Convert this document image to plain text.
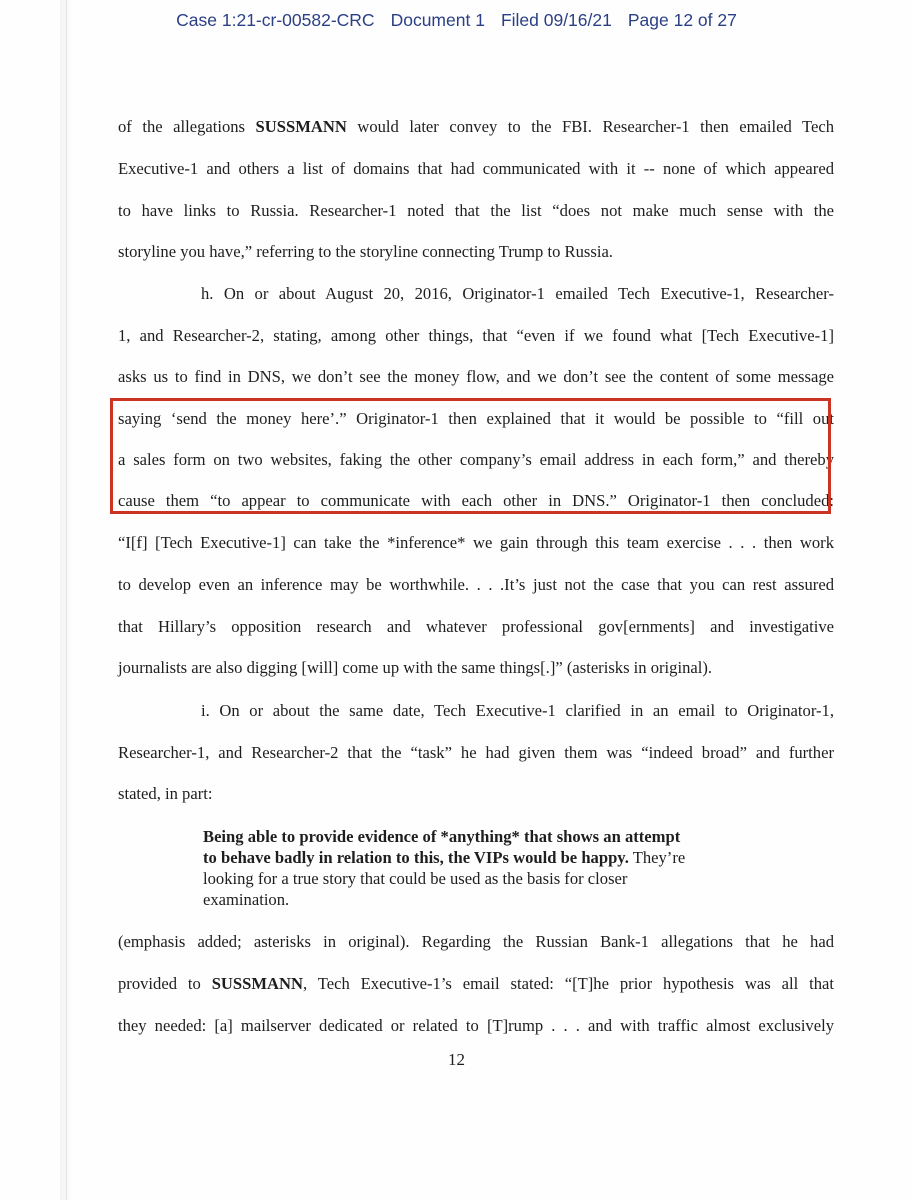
Case 1:21-cr-00582-CRC Document 1 Filed 09/16/21 Page 12 of 27
of the allegations SUSSMANN would later convey to the FBI. Researcher-1 then emailed Tech
Executive-1 and others a list of domains that had communicated with it -- none of which appeared
to have links to Russia. Researcher-1 noted that the list “does not make much sense with the
storyline you have,” referring to the storyline connecting Trump to Russia.
h. On or about August 20, 2016, Originator-1 emailed Tech Executive-1, Researcher-
1, and Researcher-2, stating, among other things, that “even if we found what [Tech Executive-1]
asks us to find in DNS, we don’t see the money flow, and we don’t see the content of some message
saying ‘send the money here’.” Originator-1 then explained that it would be possible to “fill out
a sales form on two websites, faking the other company’s email address in each form,” and thereby
cause them “to appear to communicate with each other in DNS.” Originator-1 then concluded:
“I[f] [Tech Executive-1] can take the *inference* we gain through this team exercise . . . then work
to develop even an inference may be worthwhile. . . .It’s just not the case that you can rest assured
that Hillary’s opposition research and whatever professional gov[ernments] and investigative
journalists are also digging [will] come up with the same things[.]” (asterisks in original).
i. On or about the same date, Tech Executive-1 clarified in an email to Originator-1,
Researcher-1, and Researcher-2 that the “task” he had given them was “indeed broad” and further
stated, in part:
Being able to provide evidence of *anything* that shows an attempt
to behave badly in relation to this, the VIPs would be happy. They’re
looking for a true story that could be used as the basis for closer
examination.
(emphasis added; asterisks in original). Regarding the Russian Bank-1 allegations that he had
provided to SUSSMANN, Tech Executive-1’s email stated: “[T]he prior hypothesis was all that
they needed: [a] mailserver dedicated or related to [T]rump . . . and with traffic almost exclusively
12
